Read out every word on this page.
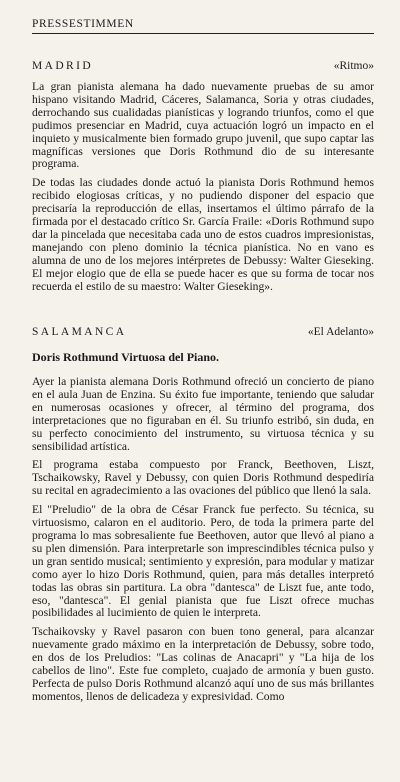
PRESSESTIMMEN
MADRID	«Ritmo»

La gran pianista alemana ha dado nuevamente pruebas de su amor hispano visitando Madrid, Cáceres, Salamanca, Soria y otras ciudades, derrochando sus cualidadas pianísticas y logrando triunfos, como el que pudimos presenciar en Madrid, cuya actuación logró un impacto en el inquieto y musicalmente bien formado grupo juvenil, que supo captar las magníficas versiones que Doris Rothmund dio de su interesante programa.

De todas las ciudades donde actuó la pianista Doris Rothmund hemos recibido elogiosas críticas, y no pudiendo disponer del espacio que precisaría la reproducción de ellas, insertamos el último párrafo de la firmada por el destacado crítico Sr. García Fraile: «Doris Rothmund supo dar la pincelada que necesitaba cada uno de estos cuadros impresionistas, manejando con pleno dominio la técnica pianística. No en vano es alumna de uno de los mejores intérpretes de Debussy: Walter Gieseking. El mejor elogio que de ella se puede hacer es que su forma de tocar nos recuerda el estilo de su maestro: Walter Gieseking».

SALAMANCA	«El Adelanto»
Doris Rothmund Virtuosa del Piano.

Ayer la pianista alemana Doris Rothmund ofreció un concierto de piano en el aula Juan de Enzina. Su éxito fue importante, teniendo que saludar en numerosas ocasiones y ofrecer, al término del programa, dos interpretaciones que no figuraban en él. Su triunfo estribó, sin duda, en su perfecto conocimiento del instrumento, su virtuosa técnica y su sensibilidad artística.

El programa estaba compuesto por Franck, Beethoven, Liszt, Tschaikowsky, Ravel y Debussy, con quien Doris Rothmund despediría su recital en agradecimiento a las ovaciones del público que llenó la sala.

El "Preludio" de la obra de César Franck fue perfecto. Su técnica, su virtuosismo, calaron en el auditorio. Pero, de toda la primera parte del programa lo mas sobresaliente fue Beethoven, autor que llevó al piano a su plen dimensión. Para interpretarle son imprescindibles técnica pulso y un gran sentido musical; sentimiento y expresión, para modular y matizar como ayer lo hizo Doris Rothmund, quien, para más detalles interpretó todas las obras sin partitura. La obra "dantesca" de Liszt fue, ante todo, eso, "dantesca". El genial pianista que fue Liszt ofrece muchas posibilidades al lucimiento de quien le interpreta.

Tschaikovsky y Ravel pasaron con buen tono general, para alcanzar nuevamente grado máximo en la interpretación de Debussy, sobre todo, en dos de los Preludios: "Las colinas de Anacapri" y "La hija de los cabellos de lino". Este fue completo, cuajado de armonía y buen gusto. Perfecta de pulso Doris Rothmund alcanzó aquí uno de sus más brillantes momentos, llenos de delicadeza y expresividad. Como
